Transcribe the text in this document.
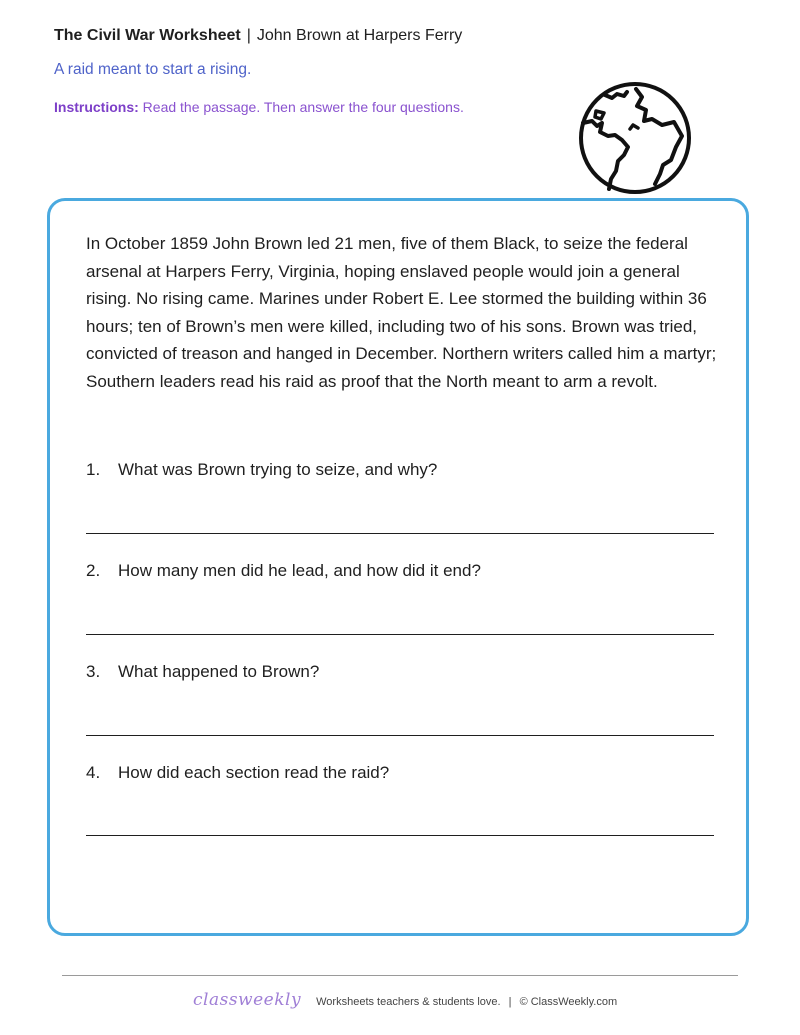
The Civil War Worksheet | John Brown at Harpers Ferry
A raid meant to start a rising.
Instructions: Read the passage. Then answer the four questions.
In October 1859 John Brown led 21 men, five of them Black, to seize the federal arsenal at Harpers Ferry, Virginia, hoping enslaved people would join a general rising. No rising came. Marines under Robert E. Lee stormed the building within 36 hours; ten of Brown’s men were killed, including two of his sons. Brown was tried, convicted of treason and hanged in December. Northern writers called him a martyr; Southern leaders read his raid as proof that the North meant to arm a revolt.
1. What was Brown trying to seize, and why?
2. How many men did he lead, and how did it end?
3. What happened to Brown?
4. How did each section read the raid?
classweekly Worksheets teachers & students love. | © ClassWeekly.com
